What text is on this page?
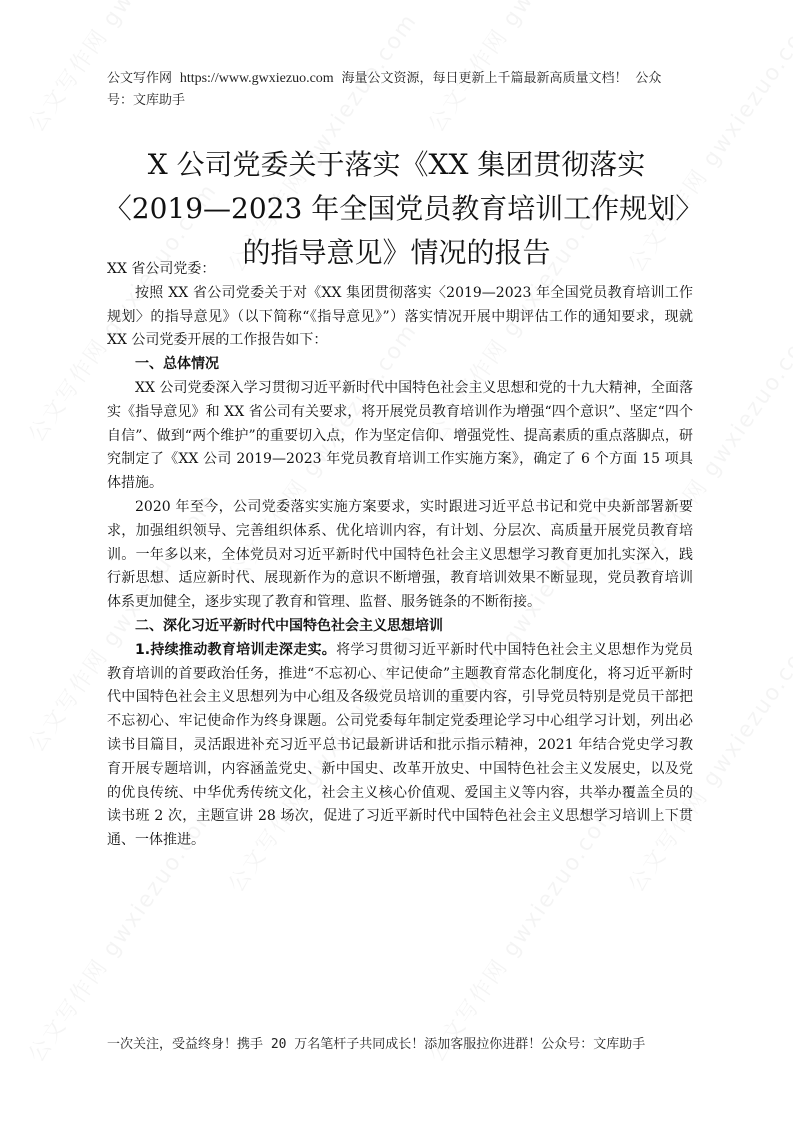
公文写作网 https://www.gwxiezuo.com 海量公文资源，每日更新上千篇最新高质量文档！ 公众号：文库助手
X 公司党委关于落实《XX 集团贯彻落实〈2019—2023 年全国党员教育培训工作规划〉的指导意见》情况的报告

XX 省公司党委：

按照 XX 省公司党委关于对《XX 集团贯彻落实〈2019—2023 年全国党员教育培训工作规划〉的指导意见》（以下简称“《指导意见》”）落实情况开展中期评估工作的通知要求，现就 XX 公司党委开展的工作报告如下：

一、总体情况

XX 公司党委深入学习贯彻习近平新时代中国特色社会主义思想和党的十九大精神，全面落实《指导意见》和 XX 省公司有关要求，将开展党员教育培训作为增强“四个意识”、坚定“四个自信”、做到“两个维护”的重要切入点，作为坚定信仰、增强党性、提高素质的重点落脚点，研究制定了《XX 公司 2019—2023 年党员教育培训工作实施方案》，确定了 6 个方面 15 项具体措施。

2020 年至今，公司党委落实实施方案要求，实时跟进习近平总书记和党中央新部署新要求，加强组织领导、完善组织体系、优化培训内容，有计划、分层次、高质量开展党员教育培训。一年多以来，全体党员对习近平新时代中国特色社会主义思想学习教育更加扎实深入，践行新思想、适应新时代、展现新作为的意识不断增强，教育培训效果不断显现，党员教育培训体系更加健全，逐步实现了教育和管理、监督、服务链条的不断衔接。

二、深化习近平新时代中国特色社会主义思想培训

1.持续推动教育培训走深走实。将学习贯彻习近平新时代中国特色社会主义思想作为党员教育培训的首要政治任务，推进“不忘初心、牢记使命”主题教育常态化制度化，将习近平新时代中国特色社会主义思想列为中心组及各级党员培训的重要内容，引导党员特别是党员干部把不忘初心、牢记使命作为终身课题。公司党委每年制定党委理论学习中心组学习计划，列出必读书目篇目，灵活跟进补充习近平总书记最新讲话和批示指示精神，2021 年结合党史学习教育开展专题培训，内容涵盖党史、新中国史、改革开放史、中国特色社会主义发展史，以及党的优良传统、中华优秀传统文化，社会主义核心价值观、爱国主义等内容，共举办覆盖全员的读书班 2 次，主题宣讲 28 场次，促进了习近平新时代中国特色社会主义思想学习培训上下贯通、一体推进。

一次关注，受益终身！携手 20 万名笔杆子共同成长！添加客服拉你进群！公众号：文库助手
